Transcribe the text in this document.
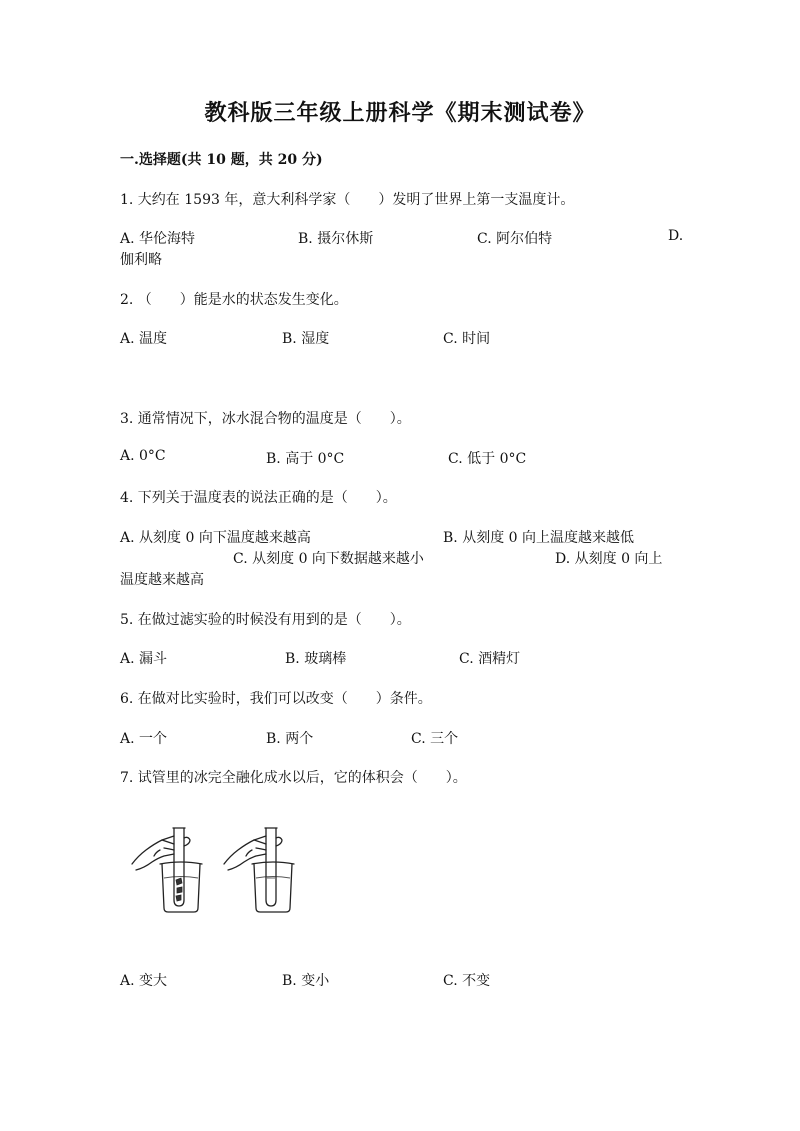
教科版三年级上册科学《期末测试卷》
一.选择题(共 10 题，共 20 分)
1. 大约在 1593 年，意大利科学家（　　）发明了世界上第一支温度计。
A. 华伦海特	B. 摄尔休斯	C. 阿尔伯特	D.
伽利略
2. （　　）能是水的状态发生变化。
A. 温度	B. 湿度	C. 时间
3. 通常情况下，冰水混合物的温度是（　　）。
A. 0°C	B. 高于 0°C	C. 低于 0°C
4. 下列关于温度表的说法正确的是（　　）。
A. 从刻度 0 向下温度越来越高	B. 从刻度 0 向上温度越来越低
C. 从刻度 0 向下数据越来越小	D. 从刻度 0 向上
温度越来越高
5. 在做过滤实验的时候没有用到的是（　　）。
A. 漏斗	B. 玻璃棒	C. 酒精灯
6. 在做对比实验时，我们可以改变（　　）条件。
A. 一个	B. 两个	C. 三个
7. 试管里的冰完全融化成水以后，它的体积会（　　）。
A. 变大	B. 变小	C. 不变
